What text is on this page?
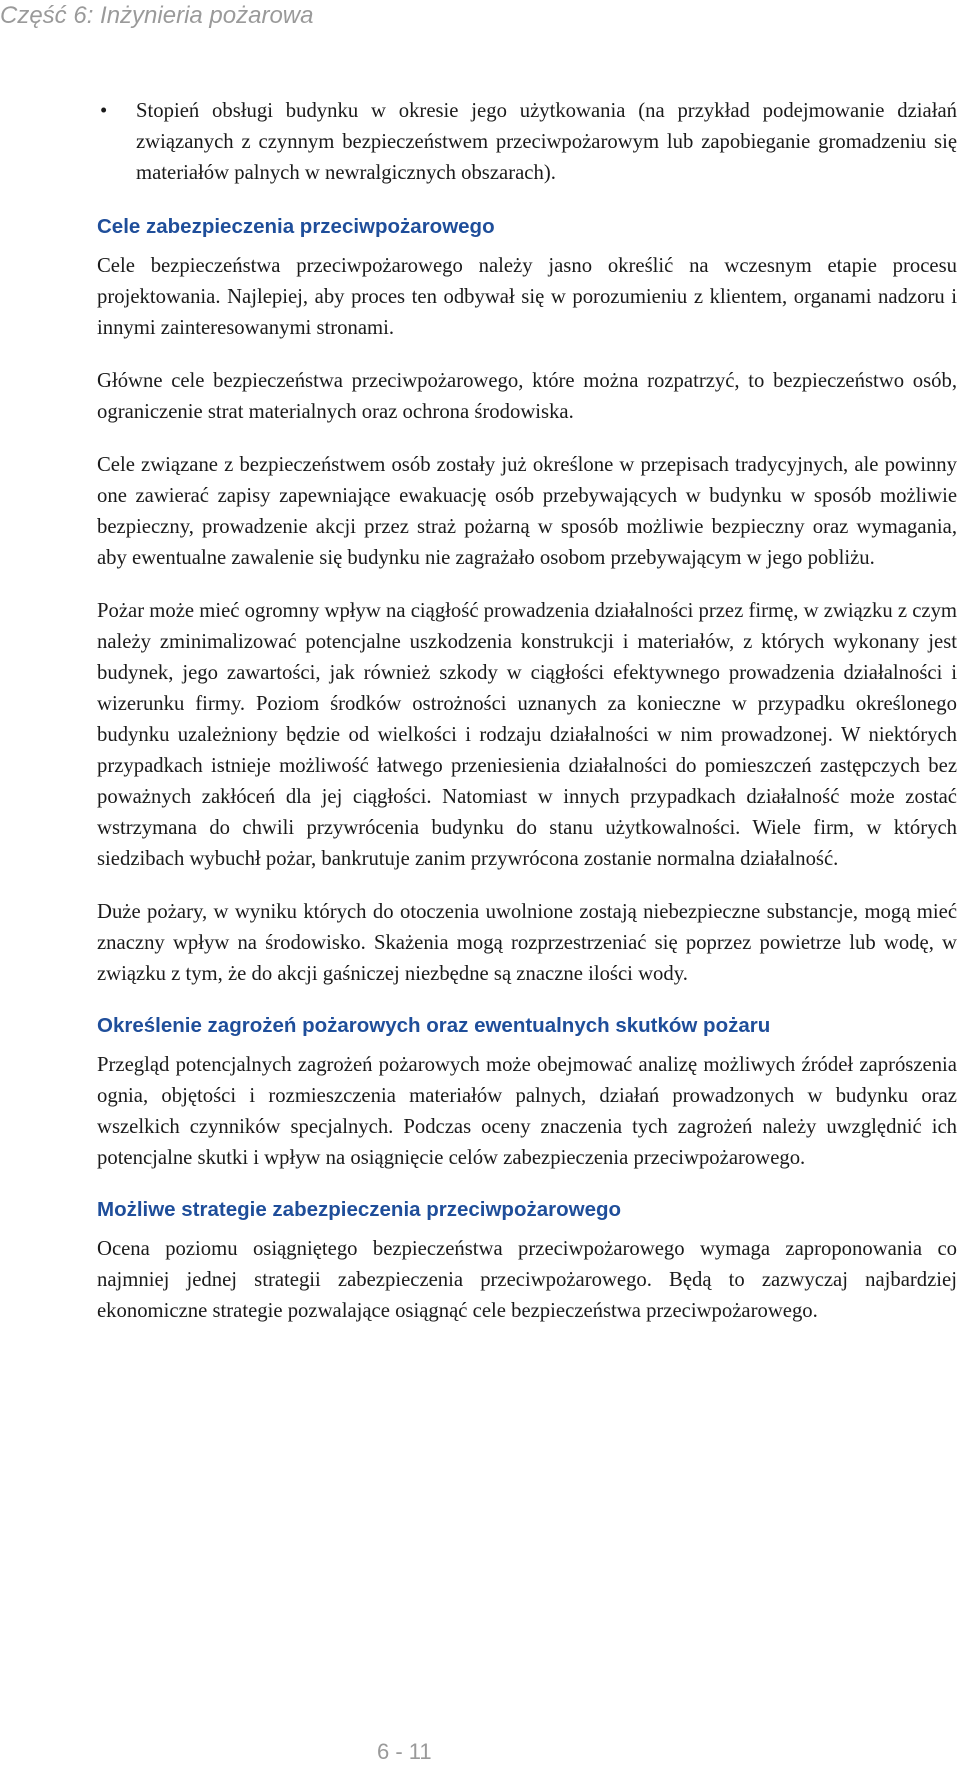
Część 6: Inżynieria pożarowa
• Stopień obsługi budynku w okresie jego użytkowania (na przykład podejmowanie działań związanych z czynnym bezpieczeństwem przeciwpożarowym lub zapobieganie gromadzeniu się materiałów palnych w newralgicznych obszarach).

Cele zabezpieczenia przeciwpożarowego

Cele bezpieczeństwa przeciwpożarowego należy jasno określić na wczesnym etapie procesu projektowania. Najlepiej, aby proces ten odbywał się w porozumieniu z klientem, organami nadzoru i innymi zainteresowanymi stronami.

Główne cele bezpieczeństwa przeciwpożarowego, które można rozpatrzyć, to bezpieczeństwo osób, ograniczenie strat materialnych oraz ochrona środowiska.

Cele związane z bezpieczeństwem osób zostały już określone w przepisach tradycyjnych, ale powinny one zawierać zapisy zapewniające ewakuację osób przebywających w budynku w sposób możliwie bezpieczny, prowadzenie akcji przez straż pożarną w sposób możliwie bezpieczny oraz wymagania, aby ewentualne zawalenie się budynku nie zagrażało osobom przebywającym w jego pobliżu.

Pożar może mieć ogromny wpływ na ciągłość prowadzenia działalności przez firmę, w związku z czym należy zminimalizować potencjalne uszkodzenia konstrukcji i materiałów, z których wykonany jest budynek, jego zawartości, jak również szkody w ciągłości efektywnego prowadzenia działalności i wizerunku firmy. Poziom środków ostrożności uznanych za konieczne w przypadku określonego budynku uzależniony będzie od wielkości i rodzaju działalności w nim prowadzonej. W niektórych przypadkach istnieje możliwość łatwego przeniesienia działalności do pomieszczeń zastępczych bez poważnych zakłóceń dla jej ciągłości. Natomiast w innych przypadkach działalność może zostać wstrzymana do chwili przywrócenia budynku do stanu użytkowalności. Wiele firm, w których siedzibach wybuchł pożar, bankrutuje zanim przywrócona zostanie normalna działalność.

Duże pożary, w wyniku których do otoczenia uwolnione zostają niebezpieczne substancje, mogą mieć znaczny wpływ na środowisko. Skażenia mogą rozprzestrzeniać się poprzez powietrze lub wodę, w związku z tym, że do akcji gaśniczej niezbędne są znaczne ilości wody.

Określenie zagrożeń pożarowych oraz ewentualnych skutków pożaru

Przegląd potencjalnych zagrożeń pożarowych może obejmować analizę możliwych źródeł zaprószenia ognia, objętości i rozmieszczenia materiałów palnych, działań prowadzonych w budynku oraz wszelkich czynników specjalnych. Podczas oceny znaczenia tych zagrożeń należy uwzględnić ich potencjalne skutki i wpływ na osiągnięcie celów zabezpieczenia przeciwpożarowego.

Możliwe strategie zabezpieczenia przeciwpożarowego

Ocena poziomu osiągniętego bezpieczeństwa przeciwpożarowego wymaga zaproponowania co najmniej jednej strategii zabezpieczenia przeciwpożarowego. Będą to zazwyczaj najbardziej ekonomiczne strategie pozwalające osiągnąć cele bezpieczeństwa przeciwpożarowego.

6 - 11
